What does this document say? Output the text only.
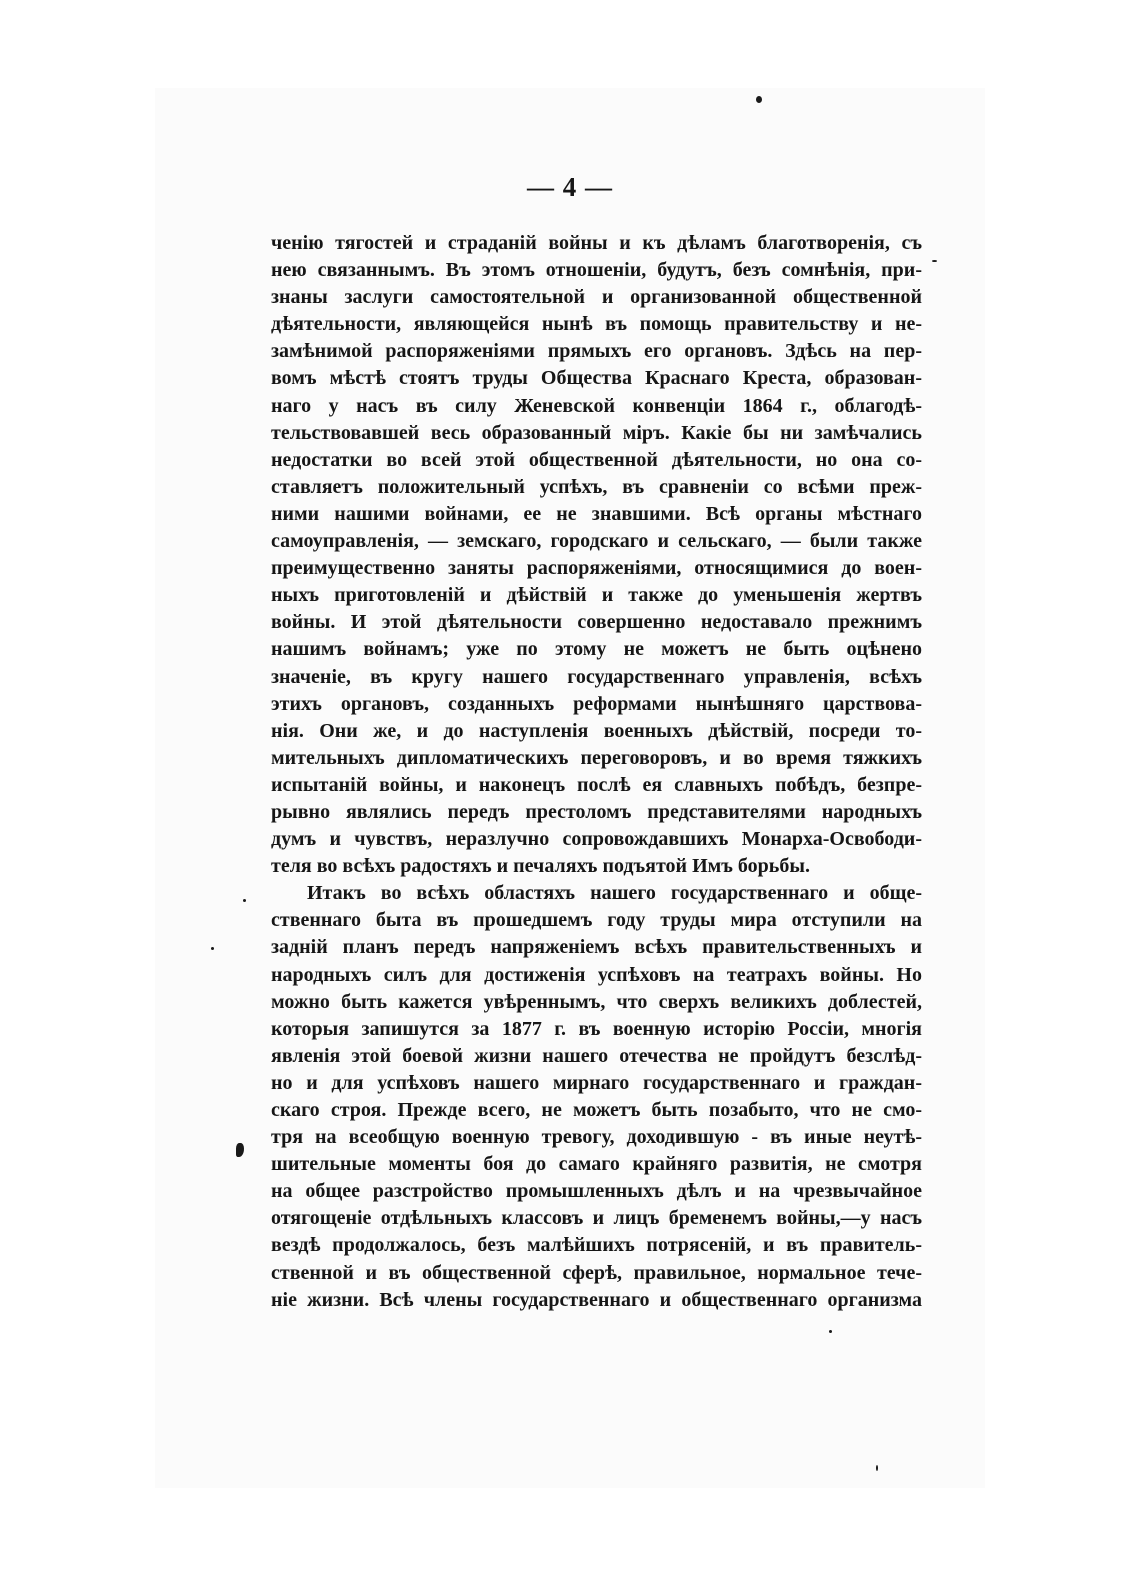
— 4 —
ченію тягостей и страданій войны и къ дѣламъ благотворенія, съ
нею связаннымъ. Въ этомъ отношеніи, будутъ, безъ сомнѣнія, при-
знаны заслуги самостоятельной и организованной общественной
дѣятельности, являющейся нынѣ въ помощь правительству и не-
замѣнимой распоряженіями прямыхъ его органовъ. Здѣсь на пер-
вомъ мѣстѣ стоятъ труды Общества Краснаго Креста, образован-
наго у насъ въ силу Женевской конвенціи 1864 г., облагодѣ-
тельствовавшей весь образованный міръ. Какіе бы ни замѣчались
недостатки во всей этой общественной дѣятельности, но она со-
ставляетъ положительный успѣхъ, въ сравненіи со всѣми преж-
ними нашими войнами, ее не знавшими. Всѣ органы мѣстнаго
самоуправленія, — земскаго, городскаго и сельскаго, — были также
преимущественно заняты распоряженіями, относящимися до воен-
ныхъ приготовленій и дѣйствій и также до уменьшенія жертвъ
войны. И этой дѣятельности совершенно недоставало прежнимъ
нашимъ войнамъ; уже по этому не можетъ не быть оцѣнено
значеніе, въ кругу нашего государственнаго управленія, всѣхъ
этихъ органовъ, созданныхъ реформами нынѣшняго царствова-
нія. Они же, и до наступленія военныхъ дѣйствій, посреди то-
мительныхъ дипломатическихъ переговоровъ, и во время тяжкихъ
испытаній войны, и наконецъ послѣ ея славныхъ побѣдъ, безпре-
рывно являлись передъ престоломъ представителями народныхъ
думъ и чувствъ, неразлучно сопровождавшихъ Монарха-Освободи-
теля во всѣхъ радостяхъ и печаляхъ подъятой Имъ борьбы.
Итакъ во всѣхъ областяхъ нашего государственнаго и обще-
ственнаго быта въ прошедшемъ году труды мира отступили на
задній планъ передъ напряженіемъ всѣхъ правительственныхъ и
народныхъ силъ для достиженія успѣховъ на театрахъ войны. Но
можно быть кажется увѣреннымъ, что сверхъ великихъ доблестей,
которыя запишутся за 1877 г. въ военную исторію Россіи, многія
явленія этой боевой жизни нашего отечества не пройдутъ безслѣд-
но и для успѣховъ нашего мирнаго государственнаго и граждан-
скаго строя. Прежде всего, не можетъ быть позабыто, что не смо-
тря на всеобщую военную тревогу, доходившую - въ иные неутѣ-
шительные моменты боя до самаго крайняго развитія, не смотря
на общее разстройство промышленныхъ дѣлъ и на чрезвычайное
отягощеніе отдѣльныхъ классовъ и лицъ бременемъ войны,—у насъ
вездѣ продолжалось, безъ малѣйшихъ потрясеній, и въ правитель-
ственной и въ общественной сферѣ, правильное, нормальное тече-
ніе жизни. Всѣ члены государственнаго и общественнаго организма
